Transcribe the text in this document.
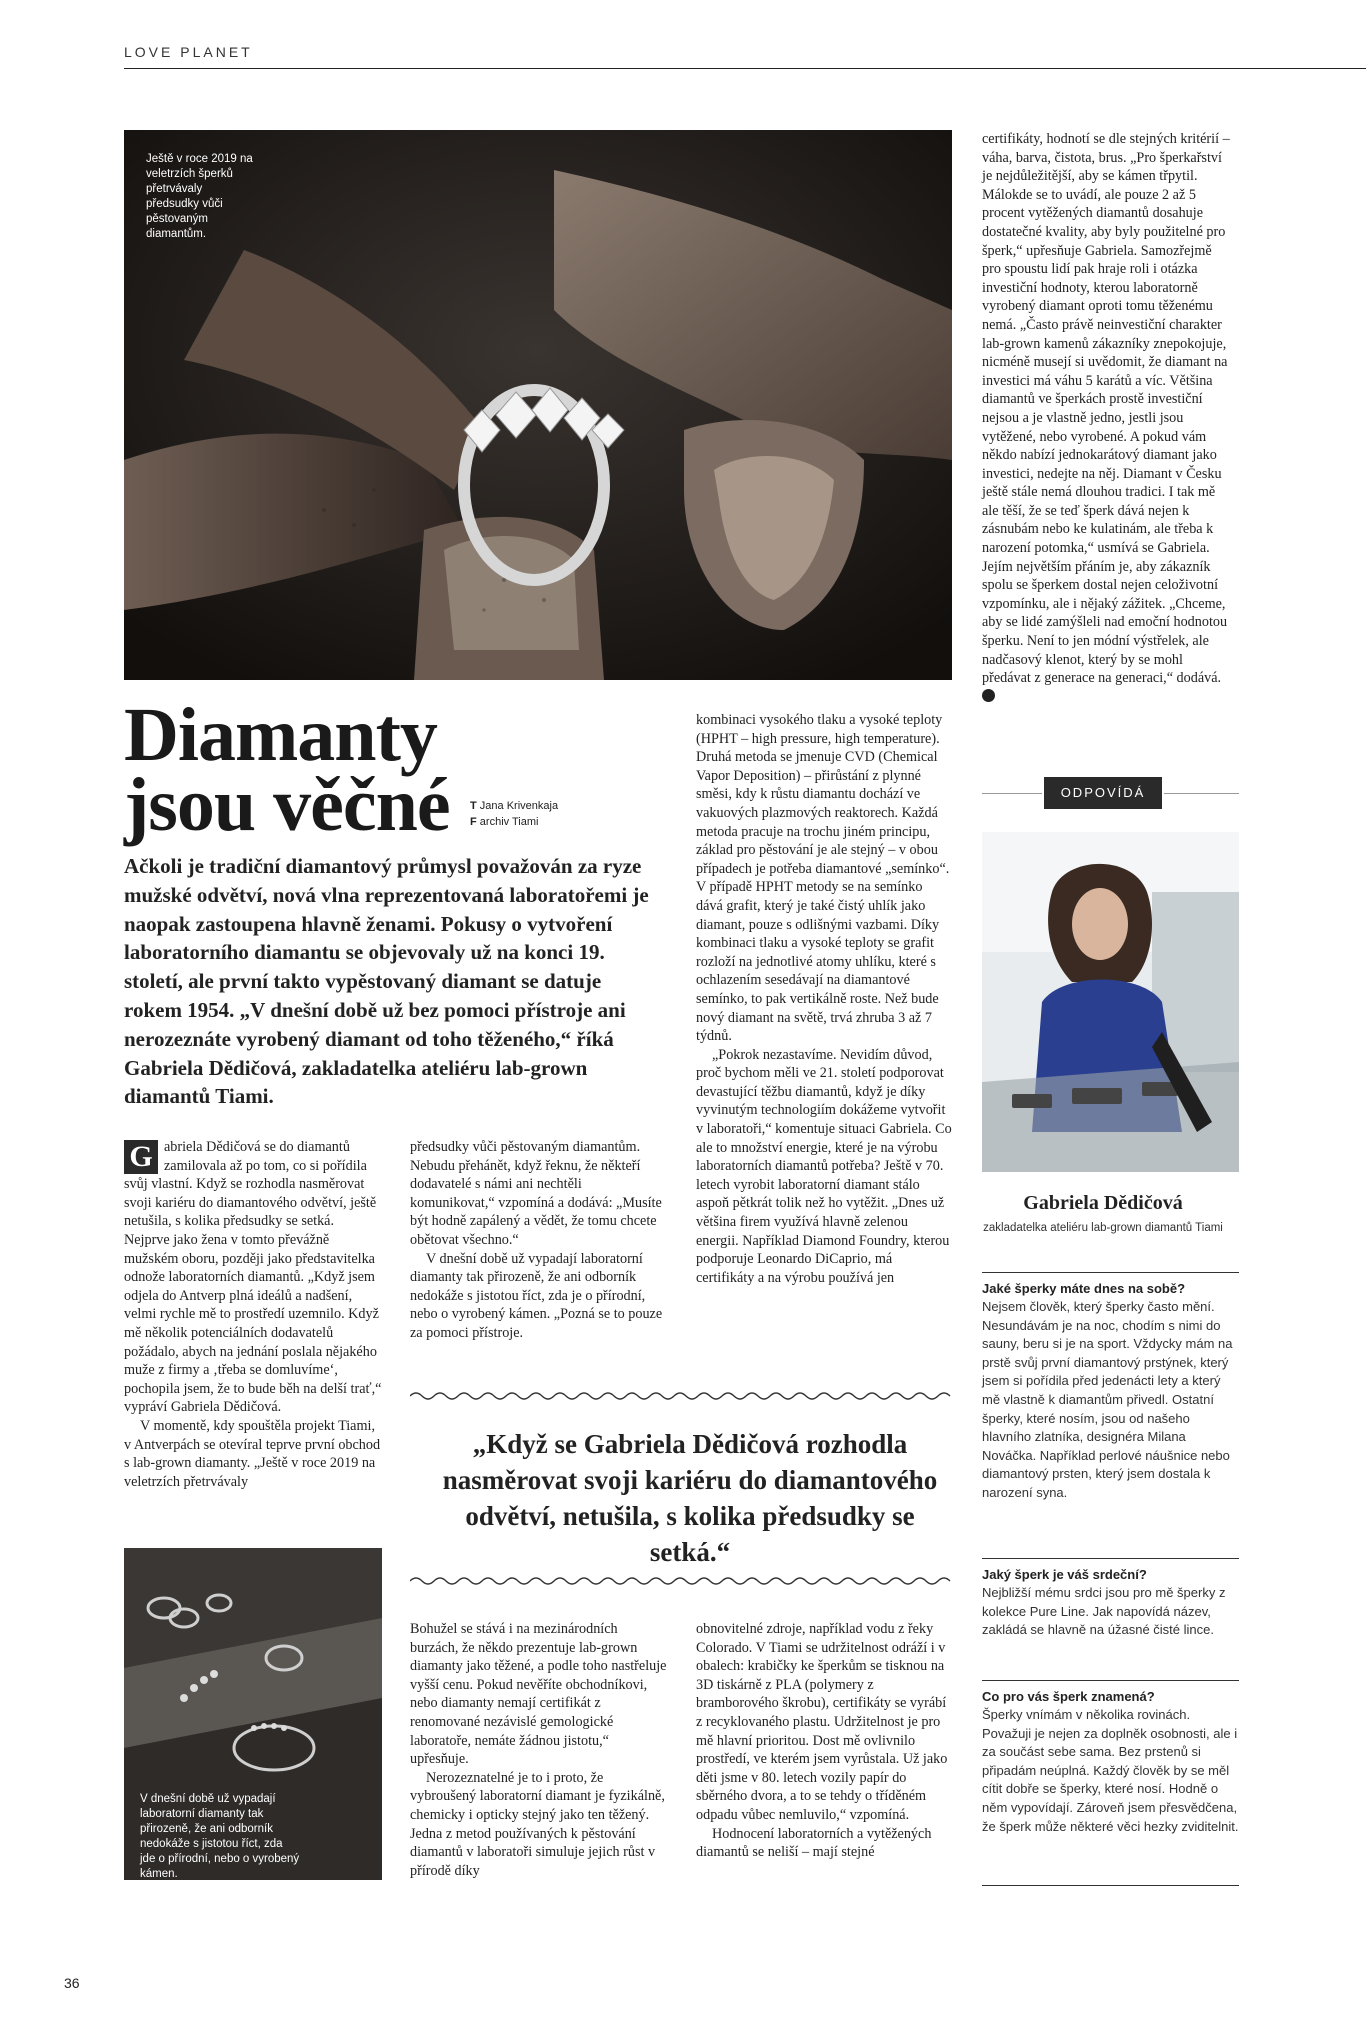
LOVE PLANET
Ještě v roce 2019 na veletrzích šperků přetrvávaly předsudky vůči pěstovaným diamantům.
Diamanty
jsou věčné T Jana Krivenkaja
F archiv Tiami
Ačkoli je tradiční diamantový průmysl považován za ryze mužské odvětví, nová vlna reprezentovaná laboratořemi je naopak zastoupena hlavně ženami. Pokusy o vytvoření laboratorního diamantu se objevovaly už na konci 19. století, ale první takto vypěstovaný diamant se datuje rokem 1954. „V dnešní době už bez pomoci přístroje ani nerozeznáte vyrobený diamant od toho těženého,“ říká Gabriela Dědičová, zakladatelka ateliéru lab-grown diamantů Tiami.

G abriela Dědičová se do diamantů zamilovala až po tom, co si pořídila svůj vlastní. Když se rozhodla nasměrovat svoji kariéru do diamantového odvětví, ještě netušila, s kolika předsudky se setká. Nejprve jako žena v tomto převážně mužském oboru, později jako představitelka odnože laboratorních diamantů. „Když jsem odjela do Antverp plná ideálů a nadšení, velmi rychle mě to prostředí uzemnilo. Když mě několik potenciálních dodavatelů požádalo, abych na jednání poslala nějakého muže z firmy a ‚třeba se domluvíme‘, pochopila jsem, že to bude běh na delší trať,“ vypráví Gabriela Dědičová.

V momentě, kdy spouštěla projekt Tiami, v Antverpách se otevíral teprve první obchod s lab-grown diamanty. „Ještě v roce 2019 na veletrzích přetrvávaly

V dnešní době už vypadají laboratorní diamanty tak přirozeně, že ani odborník nedokáže s jistotou říct, zda jde o přírodní, nebo o vyrobený kámen.

předsudky vůči pěstovaným diamantům. Nebudu přehánět, když řeknu, že někteří dodavatelé s námi ani nechtěli komunikovat,“ vzpomíná a dodává: „Musíte být hodně zapálený a vědět, že tomu chcete obětovat všechno.“

V dnešní době už vypadají laboratorní diamanty tak přirozeně, že ani odborník nedokáže s jistotou říct, zda je o přírodní, nebo o vyrobený kámen. „Pozná se to pouze za pomoci přístroje.

kombinaci vysokého tlaku a vysoké teploty (HPHT – high pressure, high temperature). Druhá metoda se jmenuje CVD (Chemical Vapor Deposition) – přirůstání z plynné směsi, kdy k růstu diamantu dochází ve vakuových plazmových reaktorech. Každá metoda pracuje na trochu jiném principu, základ pro pěstování je ale stejný – v obou případech je potřeba diamantové „semínko“. V případě HPHT metody se na semínko dává grafit, který je také čistý uhlík jako diamant, pouze s odlišnými vazbami. Díky kombinaci tlaku a vysoké teploty se grafit rozloží na jednotlivé atomy uhlíku, které s ochlazením sesedávají na diamantové semínko, to pak vertikálně roste. Než bude nový diamant na světě, trvá zhruba 3 až 7 týdnů.

„Pokrok nezastavíme. Nevidím důvod, proč bychom měli ve 21. století podporovat devastující těžbu diamantů, když je díky vyvinutým technologiím dokážeme vytvořit v laboratoři,“ komentuje situaci Gabriela. Co ale to množství energie, které je na výrobu laboratorních diamantů potřeba? Ještě v 70. letech vyrobit laboratorní diamant stálo aspoň pětkrát tolik než ho vytěžit. „Dnes už většina firem využívá hlavně zelenou energii. Například Diamond Foundry, kterou podporuje Leonardo DiCaprio, má certifikáty a na výrobu používá jen

„Když se Gabriela Dědičová rozhodla nasměrovat svoji kariéru do diamantového odvětví, netušila, s kolika předsudky se setká.“

Bohužel se stává i na mezinárodních burzách, že někdo prezentuje lab-grown diamanty jako těžené, a podle toho nastřeluje vyšší cenu. Pokud nevěříte obchodníkovi, nebo diamanty nemají certifikát z renomované nezávislé gemologické laboratoře, nemáte žádnou jistotu,“ upřesňuje.

Nerozeznatelné je to i proto, že vybroušený laboratorní diamant je fyzikálně, chemicky i opticky stejný jako ten těžený. Jedna z metod používaných k pěstování diamantů v laboratoři simuluje jejich růst v přírodě díky

obnovitelné zdroje, například vodu z řeky Colorado. V Tiami se udržitelnost odráží i v obalech: krabičky ke šperkům se tisknou na 3D tiskárně z PLA (polymery z bramborového škrobu), certifikáty se vyrábí z recyklovaného plastu. Udržitelnost je pro mě hlavní prioritou. Dost mě ovlivnilo prostředí, ve kterém jsem vyrůstala. Už jako děti jsme v 80. letech vozily papír do sběrného dvora, a to se tehdy o tříděném odpadu vůbec nemluvilo,“ vzpomíná.

Hodnocení laboratorních a vytěžených diamantů se neliší – mají stejné

certifikáty, hodnotí se dle stejných kritérií – váha, barva, čistota, brus. „Pro šperkařství je nejdůležitější, aby se kámen třpytil. Málokde se to uvádí, ale pouze 2 až 5 procent vytěžených diamantů dosahuje dostatečné kvality, aby byly použitelné pro šperk,“ upřesňuje Gabriela. Samozřejmě pro spoustu lidí pak hraje roli i otázka investiční hodnoty, kterou laboratorně vyrobený diamant oproti tomu těženému nemá. „Často právě neinvestiční charakter lab-grown kamenů zákazníky znepokojuje, nicméně musejí si uvědomit, že diamant na investici má váhu 5 karátů a víc. Většina diamantů ve šperkách prostě investiční nejsou a je vlastně jedno, jestli jsou vytěžené, nebo vyrobené. A pokud vám někdo nabízí jednokarátový diamant jako investici, nedejte na něj. Diamant v Česku ještě stále nemá dlouhou tradici. I tak mě ale těší, že se teď šperk dává nejen k zásnubám nebo ke kulatinám, ale třeba k narození potomka,“ usmívá se Gabriela. Jejím největším přáním je, aby zákazník spolu se šperkem dostal nejen celoživotní vzpomínku, ale i nějaký zážitek. „Chceme, aby se lidé zamýšleli nad emoční hodnotou šperku. Není to jen módní výstřelek, ale nadčasový klenot, který by se mohl předávat z generace na generaci,“ dodává.

ODPOVÍDÁ
Gabriela Dědičová
zakladatelka ateliéru lab-grown diamantů Tiami
Jaké šperky máte dnes na sobě?
Nejsem člověk, který šperky často mění. Nesundávám je na noc, chodím s nimi do sauny, beru si je na sport. Vždycky mám na prstě svůj první diamantový prstýnek, který jsem si pořídila před jedenácti lety a který mě vlastně k diamantům přivedl. Ostatní šperky, které nosím, jsou od našeho hlavního zlatníka, designéra Milana Nováčka. Například perlové náušnice nebo diamantový prsten, který jsem dostala k narození syna.
Jaký šperk je váš srdeční?
Nejbližší mému srdci jsou pro mě šperky z kolekce Pure Line. Jak napovídá název, zakládá se hlavně na úžasné čisté lince.
Co pro vás šperk znamená?
Šperky vnímám v několika rovinách. Považuji je nejen za doplněk osobnosti, ale i za součást sebe sama. Bez prstenů si připadám neúplná. Každý člověk by se měl cítit dobře se šperky, které nosí. Hodně o něm vypovídají. Zároveň jsem přesvědčena, že šperk může některé věci hezky zviditelnit.
36
